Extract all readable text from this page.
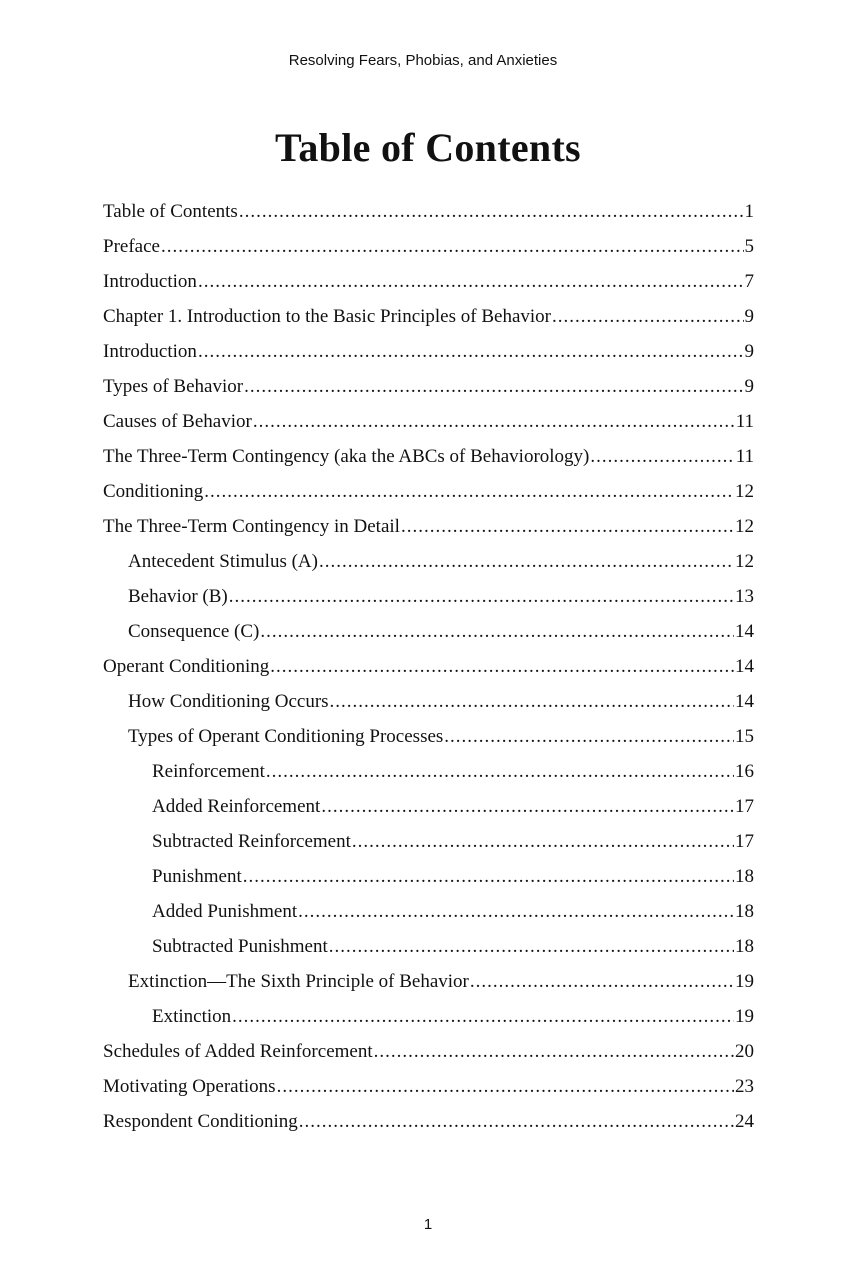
Resolving Fears, Phobias, and Anxieties
Table of Contents
Table of Contents .....	1
Preface .....	5
Introduction .....	7
Chapter 1. Introduction to the Basic Principles of Behavior .....	9
Introduction .....	9
Types of Behavior .....	9
Causes of Behavior .....	11
The Three-Term Contingency (aka the ABCs of Behaviorology) .....	11
Conditioning .....	12
The Three-Term Contingency in Detail .....	12
Antecedent Stimulus (A) .....	12
Behavior (B) .....	13
Consequence (C) .....	14
Operant Conditioning .....	14
How Conditioning Occurs .....	14
Types of Operant Conditioning Processes .....	15
Reinforcement .....	16
Added Reinforcement .....	17
Subtracted Reinforcement .....	17
Punishment .....	18
Added Punishment .....	18
Subtracted Punishment .....	18
Extinction—The Sixth Principle of Behavior .....	19
Extinction .....	19
Schedules of Added Reinforcement .....	20
Motivating Operations .....	23
Respondent Conditioning .....	24
1
